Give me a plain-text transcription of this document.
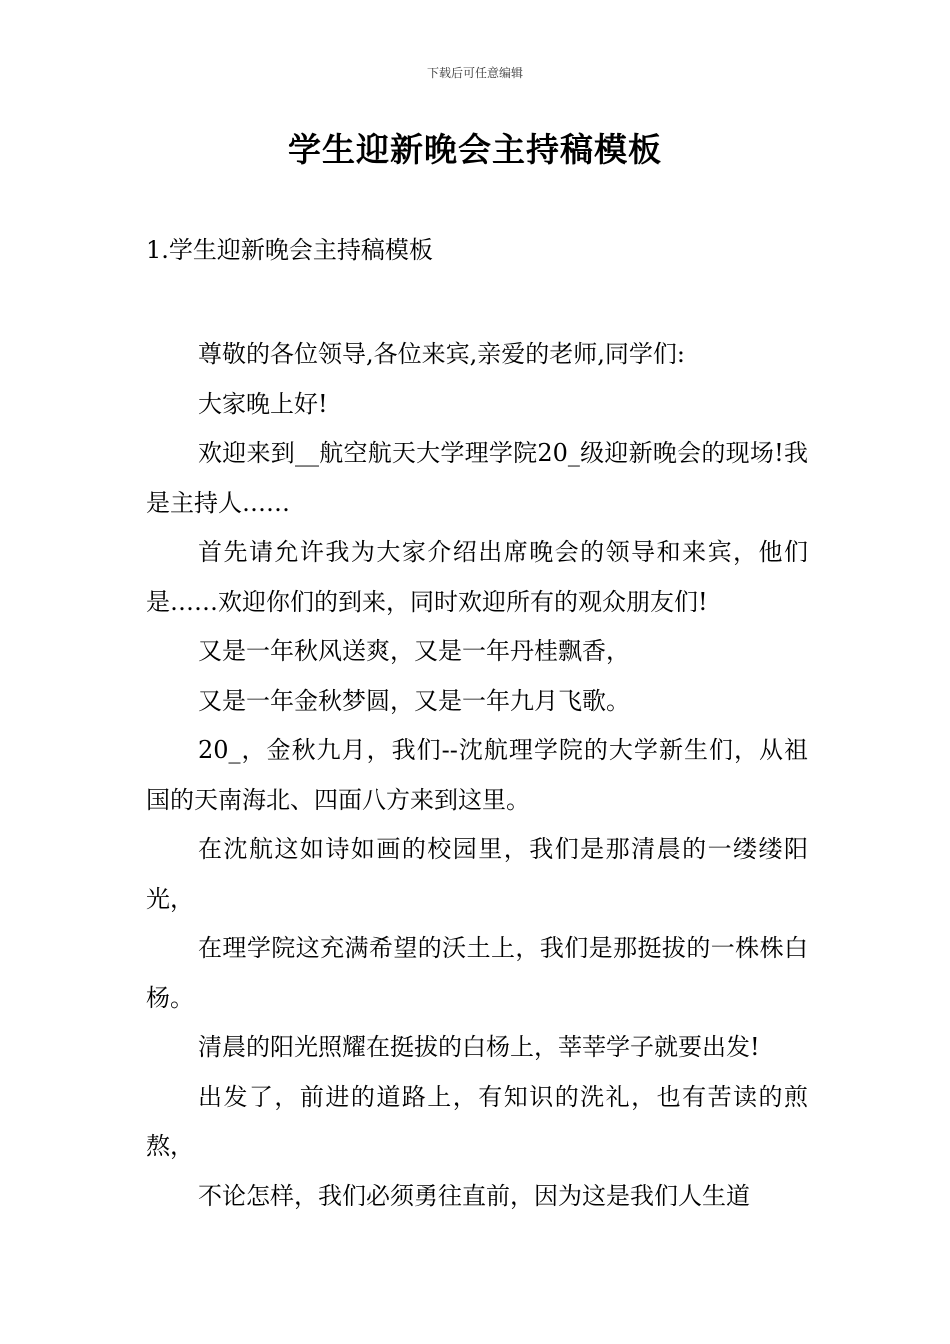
下载后可任意编辑
学生迎新晚会主持稿模板
1.学生迎新晚会主持稿模板

尊敬的各位领导,各位来宾,亲爱的老师,同学们:

大家晚上好!

欢迎来到__航空航天大学理学院20_级迎新晚会的现场!我是主持人……

首先请允许我为大家介绍出席晚会的领导和来宾，他们是……欢迎你们的到来，同时欢迎所有的观众朋友们!

又是一年秋风送爽，又是一年丹桂飘香，

又是一年金秋梦圆，又是一年九月飞歌。

20_，金秋九月，我们--沈航理学院的大学新生们，从祖国的天南海北、四面八方来到这里。

在沈航这如诗如画的校园里，我们是那清晨的一缕缕阳光，

在理学院这充满希望的沃土上，我们是那挺拔的一株株白杨。

清晨的阳光照耀在挺拔的白杨上，莘莘学子就要出发!

出发了，前进的道路上，有知识的洗礼，也有苦读的煎熬，

不论怎样，我们必须勇往直前，因为这是我们人生道
